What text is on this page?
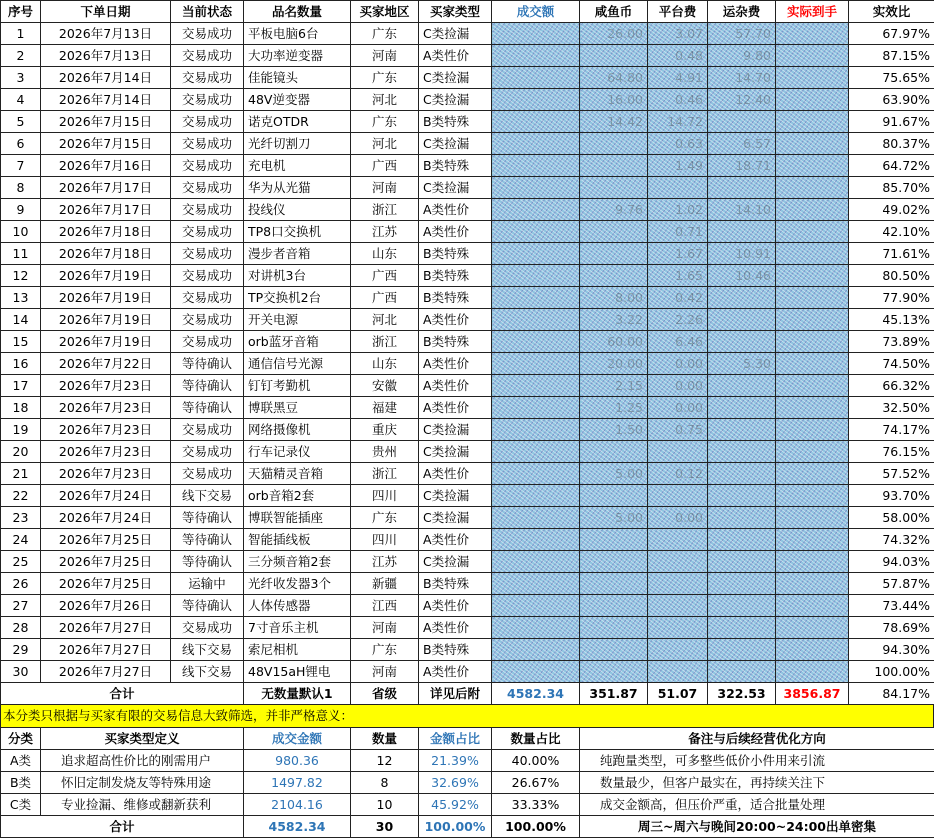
序号	下单日期	当前状态	品名数量	买家地区	买家类型	成交额	咸鱼币	平台费	运杂费	实际到手	实效比
1	2026年7月13日	交易成功	平板电脑6台	广东	C类捡漏		26.00	3.07	57.70		67.97%
2	2026年7月13日	交易成功	大功率逆变器	河南	A类性价			0.48	9.80		87.15%
3	2026年7月14日	交易成功	佳能镜头	广东	C类捡漏		64.80	4.91	14.70		75.65%
4	2026年7月14日	交易成功	48V逆变器	河北	C类捡漏		16.00	0.46	12.40		63.90%
5	2026年7月15日	交易成功	诺克OTDR	广东	B类特殊		14.42	14.72			91.67%
6	2026年7月15日	交易成功	光纤切割刀	河北	C类捡漏			0.63	6.57		80.37%
7	2026年7月16日	交易成功	充电机	广西	B类特殊			1.49	18.71		64.72%
8	2026年7月17日	交易成功	华为从光猫	河南	C类捡漏						85.70%
9	2026年7月17日	交易成功	投线仪	浙江	A类性价		9.76	1.02	14.10		49.02%
10	2026年7月18日	交易成功	TP8口交换机	江苏	A类性价			0.71			42.10%
11	2026年7月18日	交易成功	漫步者音箱	山东	B类特殊			1.67	10.91		71.61%
12	2026年7月19日	交易成功	对讲机3台	广西	B类特殊			1.65	10.46		80.50%
13	2026年7月19日	交易成功	TP交换机2台	广西	B类特殊		8.00	0.42			77.90%
14	2026年7月19日	交易成功	开关电源	河北	A类性价		3.22	2.26			45.13%
15	2026年7月19日	交易成功	orb蓝牙音箱	浙江	B类特殊		60.00	6.46			73.89%
16	2026年7月22日	等待确认	通信信号光源	山东	A类性价		20.00	0.00	5.30		74.50%
17	2026年7月23日	等待确认	钉钉考勤机	安徽	A类性价		2.15	0.00			66.32%
18	2026年7月23日	等待确认	博联黑豆	福建	A类性价		1.25	0.00			32.50%
19	2026年7月23日	交易成功	网络摄像机	重庆	C类捡漏		1.50	0.75			74.17%
20	2026年7月23日	交易成功	行车记录仪	贵州	C类捡漏						76.15%
21	2026年7月23日	交易成功	天猫精灵音箱	浙江	A类性价		5.00	0.12			57.52%
22	2026年7月24日	线下交易	orb音箱2套	四川	C类捡漏						93.70%
23	2026年7月24日	等待确认	博联智能插座	广东	C类捡漏		5.00	0.00			58.00%
24	2026年7月25日	等待确认	智能插线板	四川	A类性价						74.32%
25	2026年7月25日	等待确认	三分频音箱2套	江苏	C类捡漏						94.03%
26	2026年7月25日	运输中	光纤收发器3个	新疆	B类特殊						57.87%
27	2026年7月26日	等待确认	人体传感器	江西	A类性价						73.44%
28	2026年7月27日	交易成功	7寸音乐主机	河南	A类性价						78.69%
29	2026年7月27日	线下交易	索尼相机	广东	B类特殊						94.30%
30	2026年7月27日	线下交易	48V15aH锂电	河南	A类性价						100.00%
合计			无数量默认1	省级	详见后附	4582.34	351.87	51.07	322.53	3856.87	84.17%
本分类只根据与买家有限的交易信息大致筛选，并非严格意义：
分类	买家类型定义	成交金额	数量	金额占比	数量占比	备注与后续经营优化方向
A类	追求超高性价比的刚需用户	980.36	12	21.39%	40.00%	纯跑量类型，可多整些低价小件用来引流
B类	怀旧定制发烧友等特殊用途	1497.82	8	32.69%	26.67%	数量最少，但客户最实在，再持续关注下
C类	专业捡漏、维修或翻新获利	2104.16	10	45.92%	33.33%	成交金额高，但压价严重，适合批量处理
合计		4582.34	30	100.00%	100.00%	周三~周六与晚间20:00~24:00出单密集
